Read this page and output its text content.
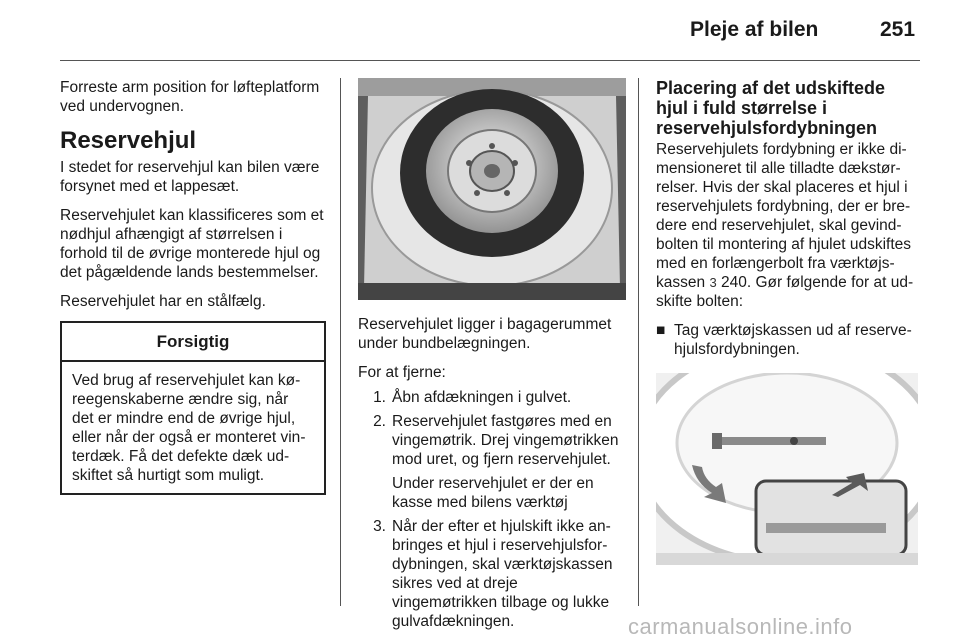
Pleje af bilen	251

Forreste arm position for løfteplatform ved undervognen.

Reservehjul

I stedet for reservehjul kan bilen være forsynet med et lappesæt.

Reservehjulet kan klassificeres som et nødhjul afhængigt af størrelsen i forhold til de øvrige monterede hjul og det pågældende lands bestemmelser.

Reservehjulet har en stålfælg.

Forsigtig
Ved brug af reservehjulet kan køreegenskaberne ændre sig, når det er mindre end de øvrige hjul, eller når der også er monteret vinterdæk. Få det defekte dæk udskiftet så hurtigt som muligt.

Reservehjulet ligger i bagagerummet under bundbelægningen.

For at fjerne:

1. Åbn afdækningen i gulvet.
2. Reservehjulet fastgøres med en vingemøtrik. Drej vingemøtrikken mod uret, og fjern reservehjulet.
Under reservehjulet er der en kasse med bilens værktøj
3. Når der efter et hjulskift ikke anbringes et hjul i reservehjulsfordybningen, skal værktøjskassen sikres ved at dreje vingemøtrikken tilbage og lukke gulvafdækningen.
Placering af det udskiftede hjul i fuld størrelse i reservehjulsfordybningen

Reservehjulets fordybning er ikke dimensioneret til alle tilladte dækstørrelser. Hvis der skal placeres et hjul i reservehjulets fordybning, der er bredere end reservehjulet, skal gevindbolten til montering af hjulet udskiftes med en forlængerbolt fra værktøjskassen 3 240. Gør følgende for at udskifte bolten:

■ Tag værktøjskassen ud af reservehjulsfordybningen.
carmanualsonline.info
